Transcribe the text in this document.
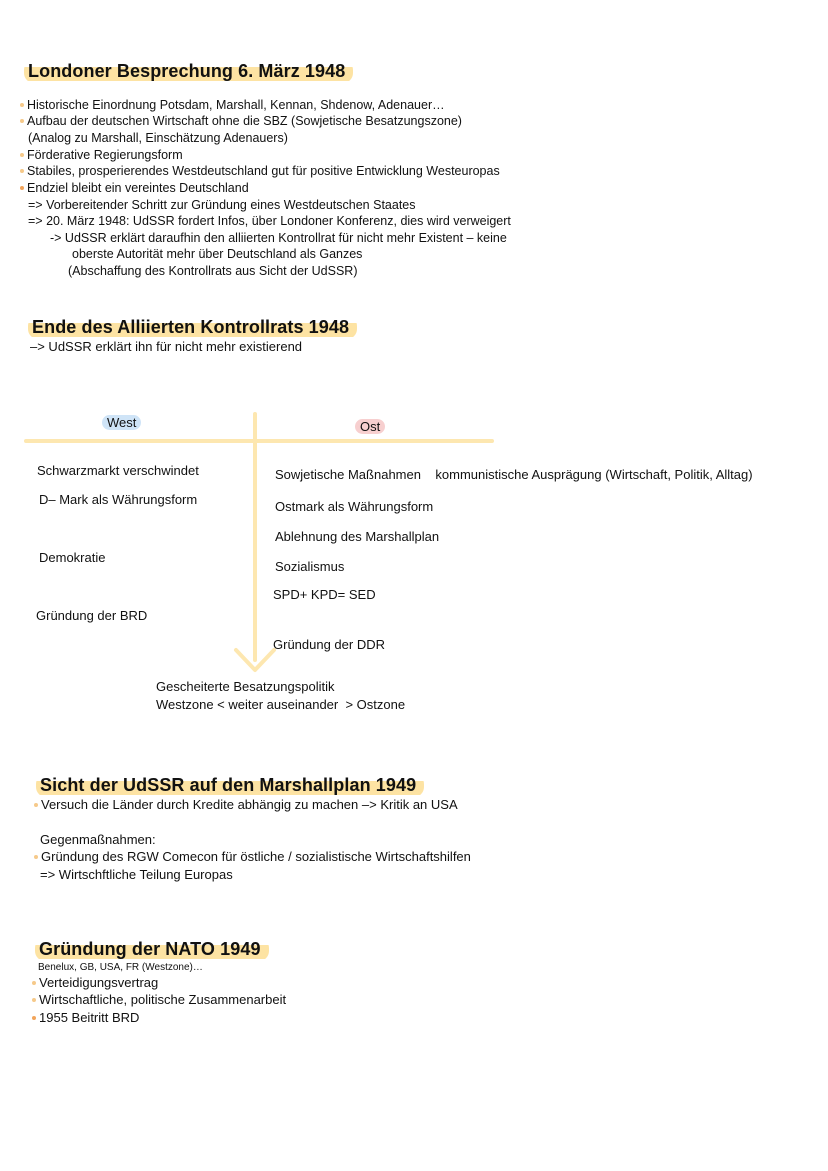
Londoner Besprechung 6. März 1948
Historische Einordnung Potsdam, Marshall, Kennan, Shdenow, Adenauer…
Aufbau der deutschen Wirtschaft ohne die SBZ (Sowjetische Besatzungszone)
(Analog zu Marshall, Einschätzung Adenauers)
Förderative Regierungsform
Stabiles, prosperierendes Westdeutschland gut für positive Entwicklung Westeuropas
Endziel bleibt ein vereintes Deutschland
=> Vorbereitender Schritt zur Gründung eines Westdeutschen Staates
=> 20. März 1948: UdSSR fordert Infos, über Londoner Konferenz, dies wird verweigert
-> UdSSR erklärt daraufhin den alliierten Kontrollrat für nicht mehr Existent – keine
oberste Autorität mehr über Deutschland als Ganzes
(Abschaffung des Kontrollrats aus Sicht der UdSSR)
Ende des Alliierten Kontrollrats 1948
–> UdSSR erklärt ihn für nicht mehr existierend
West	Ost
Schwarzmarkt verschwindet
D– Mark als Währungsform
Demokratie
Gründung der BRD
Sowjetische Maßnahmen    kommunistische Ausprägung (Wirtschaft, Politik, Alltag)
Ostmark als Währungsform
Ablehnung des Marshallplan
Sozialismus
SPD+ KPD= SED
Gründung der DDR
Gescheiterte Besatzungspolitik
Westzone < weiter auseinander  > Ostzone
Sicht der UdSSR auf den Marshallplan 1949
Versuch die Länder durch Kredite abhängig zu machen –> Kritik an USA
Gegenmaßnahmen:
Gründung des RGW Comecon für östliche / sozialistische Wirtschaftshilfen
=> Wirtschftliche Teilung Europas
Gründung der NATO 1949
Benelux, GB, USA, FR (Westzone)…
Verteidigungsvertrag
Wirtschaftliche, politische Zusammenarbeit
1955 Beitritt BRD
